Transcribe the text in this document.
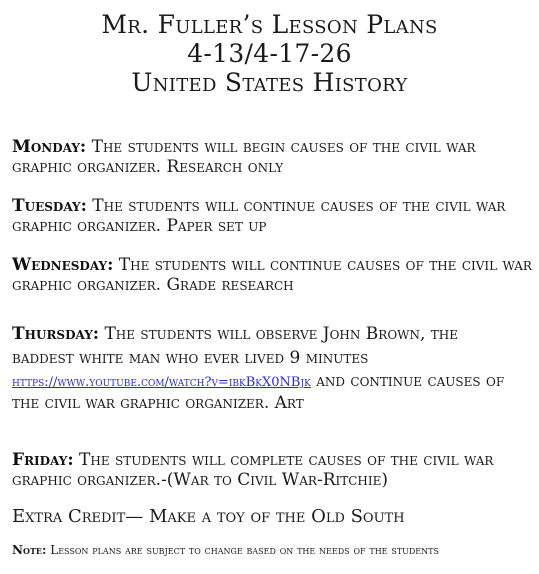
Mr. Fuller’s Lesson Plans
4-13/4-17-26
United States History
Monday: The students will begin causes of the civil war graphic organizer. Research only
Tuesday: The students will continue causes of the civil war graphic organizer. Paper set up
Wednesday: The students will continue causes of the civil war graphic organizer. Grade research
Thursday: The students will observe John Brown, the
baddest white man who ever lived 9 minutes
https://www.youtube.com/watch?v=ibkBkX0NBjk and continue causes of the civil war graphic organizer. Art
Friday: The students will complete causes of the civil war graphic organizer.-(War to Civil War-Ritchie)
Extra Credit— Make a toy of the Old South
Note: Lesson plans are subject to change based on the needs of the students
